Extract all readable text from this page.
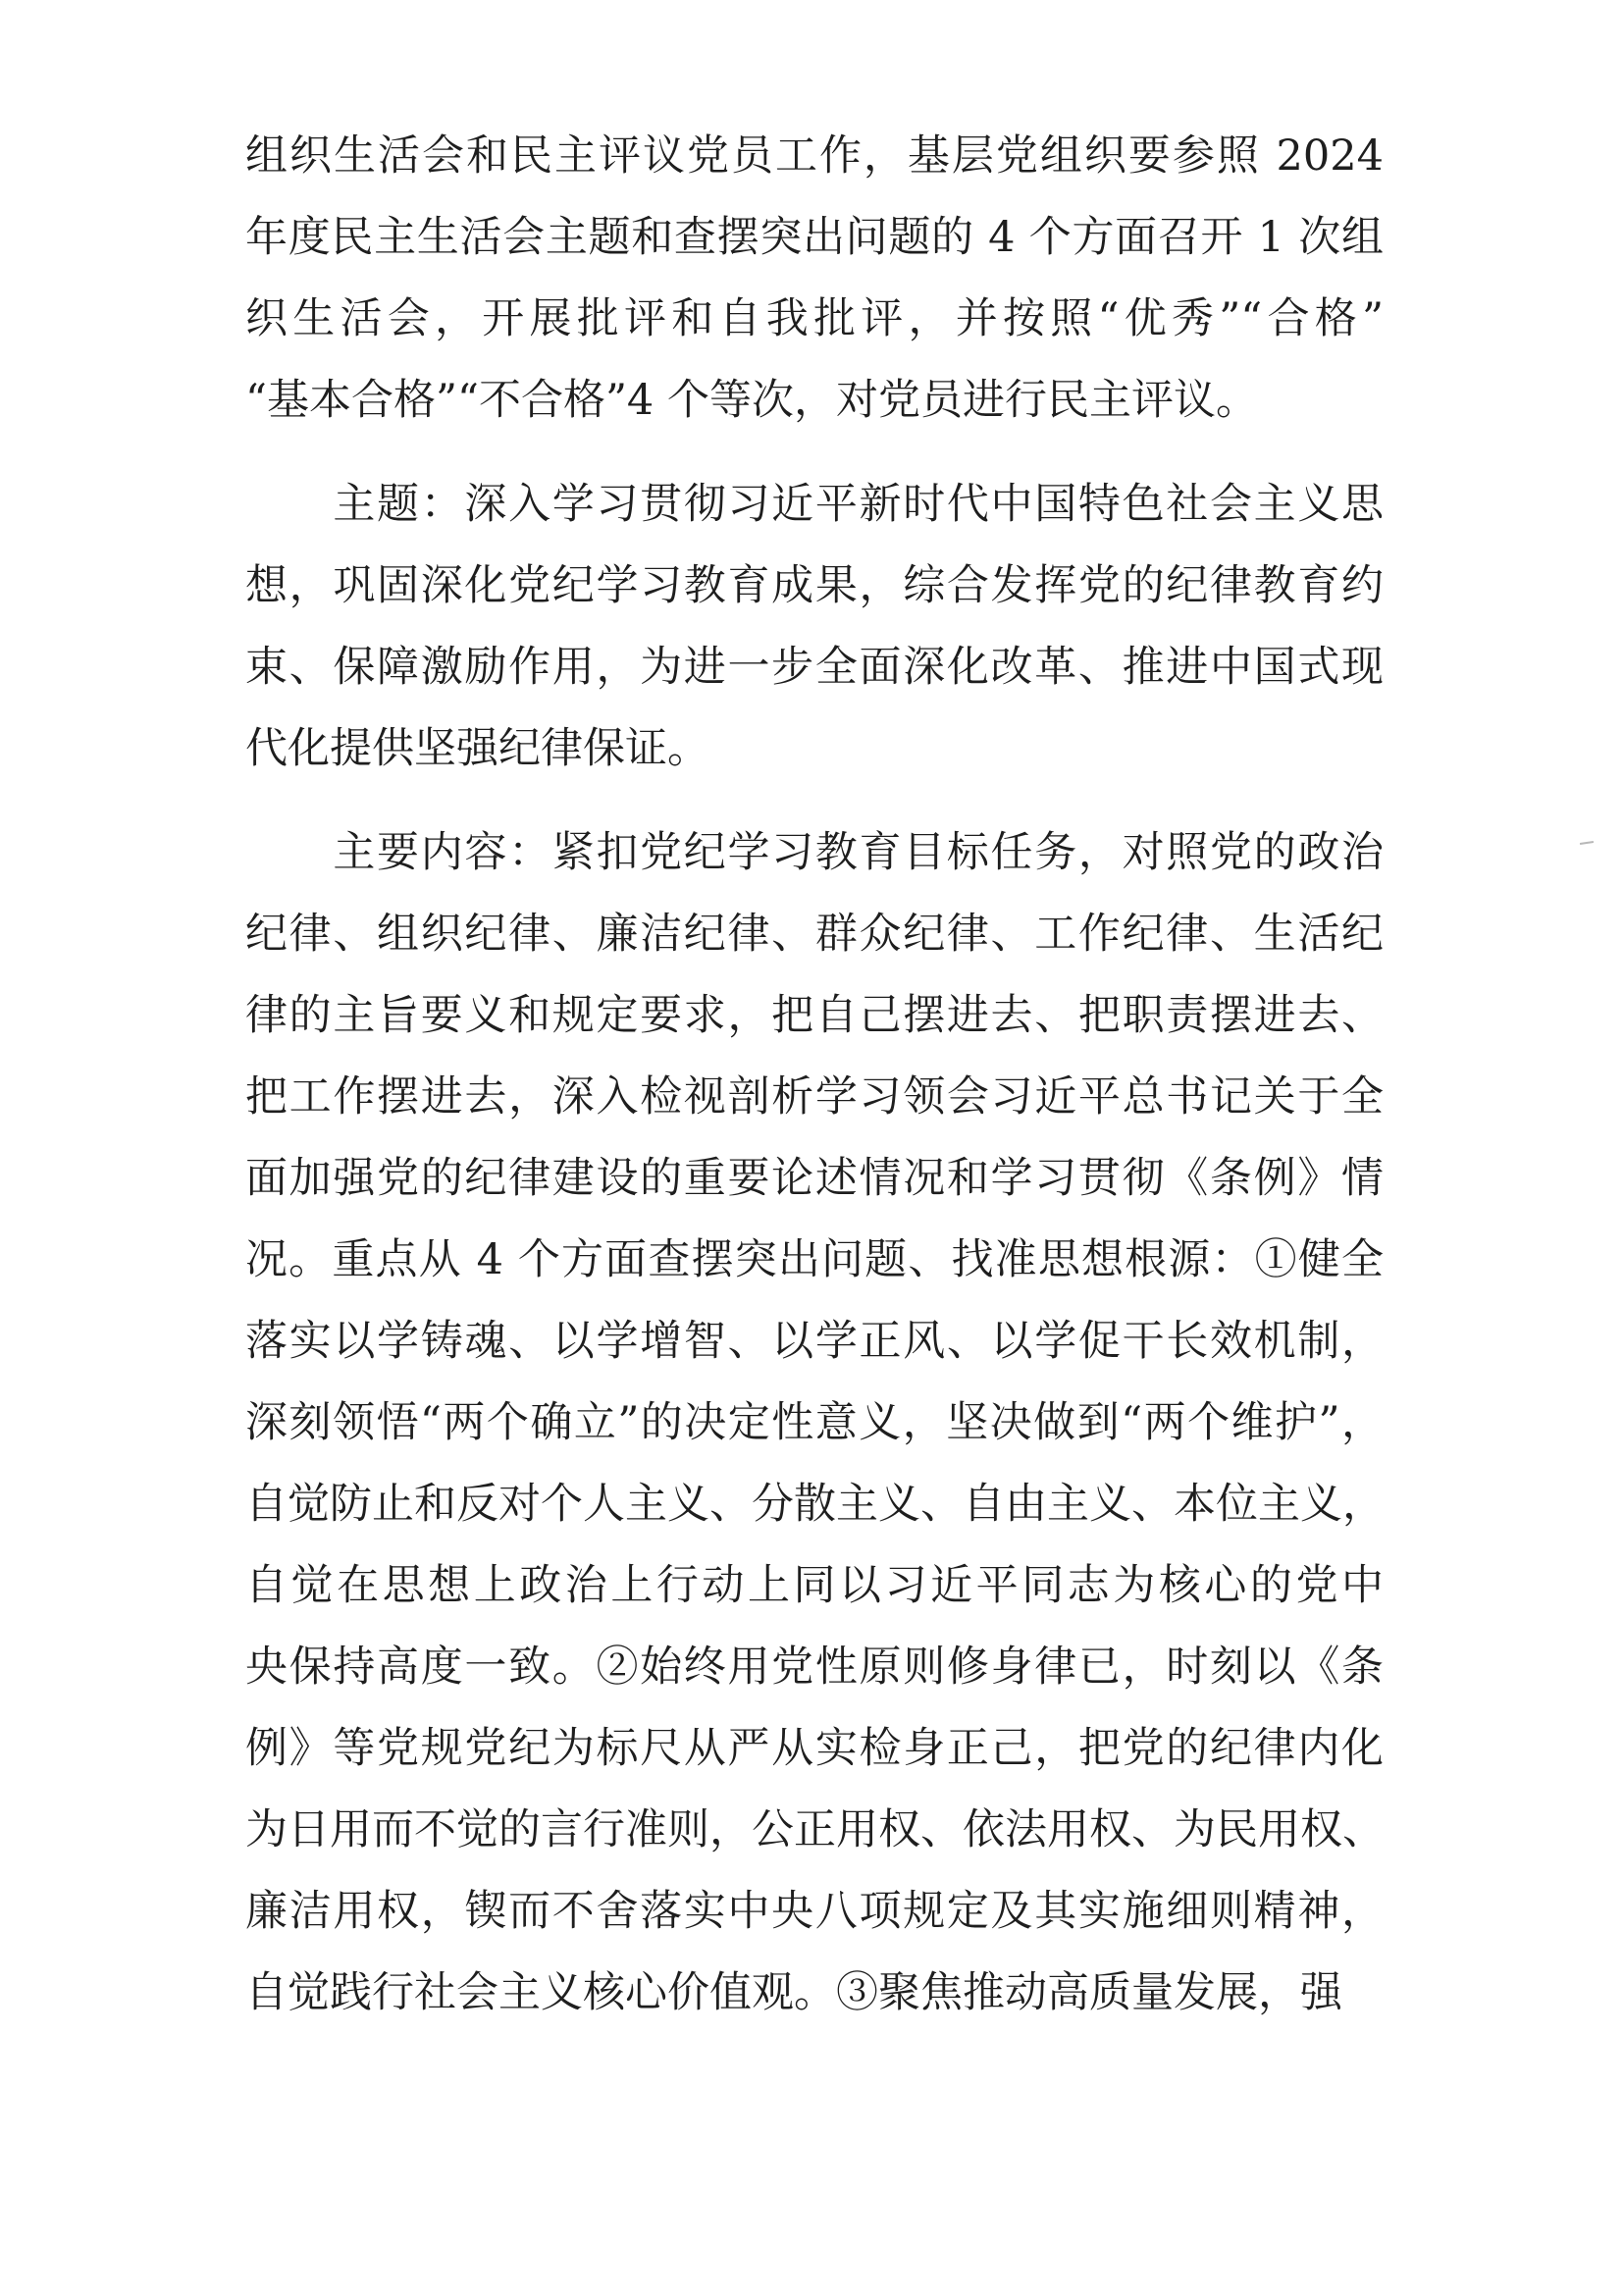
组织生活会和民主评议党员工作，基层党组织要参照 2024
年度民主生活会主题和查摆突出问题的 4 个方面召开 1 次组
织生活会，开展批评和自我批评，并按照“优秀”“合格”
“基本合格”“不合格”4 个等次，对党员进行民主评议。
　　主题：深入学习贯彻习近平新时代中国特色社会主义思
想，巩固深化党纪学习教育成果，综合发挥党的纪律教育约
束、保障激励作用，为进一步全面深化改革、推进中国式现
代化提供坚强纪律保证。
　　主要内容：紧扣党纪学习教育目标任务，对照党的政治
纪律、组织纪律、廉洁纪律、群众纪律、工作纪律、生活纪
律的主旨要义和规定要求，把自己摆进去、把职责摆进去、
把工作摆进去，深入检视剖析学习领会习近平总书记关于全
面加强党的纪律建设的重要论述情况和学习贯彻《条例》情
况。重点从 4 个方面查摆突出问题、找准思想根源：①健全
落实以学铸魂、以学增智、以学正风、以学促干长效机制，
深刻领悟“两个确立”的决定性意义，坚决做到“两个维护”，
自觉防止和反对个人主义、分散主义、自由主义、本位主义，
自觉在思想上政治上行动上同以习近平同志为核心的党中
央保持高度一致。②始终用党性原则修身律已，时刻以《条
例》等党规党纪为标尺从严从实检身正己，把党的纪律内化
为日用而不觉的言行准则，公正用权、依法用权、为民用权、
廉洁用权，锲而不舍落实中央八项规定及其实施细则精神，
自觉践行社会主义核心价值观。③聚焦推动高质量发展，强
